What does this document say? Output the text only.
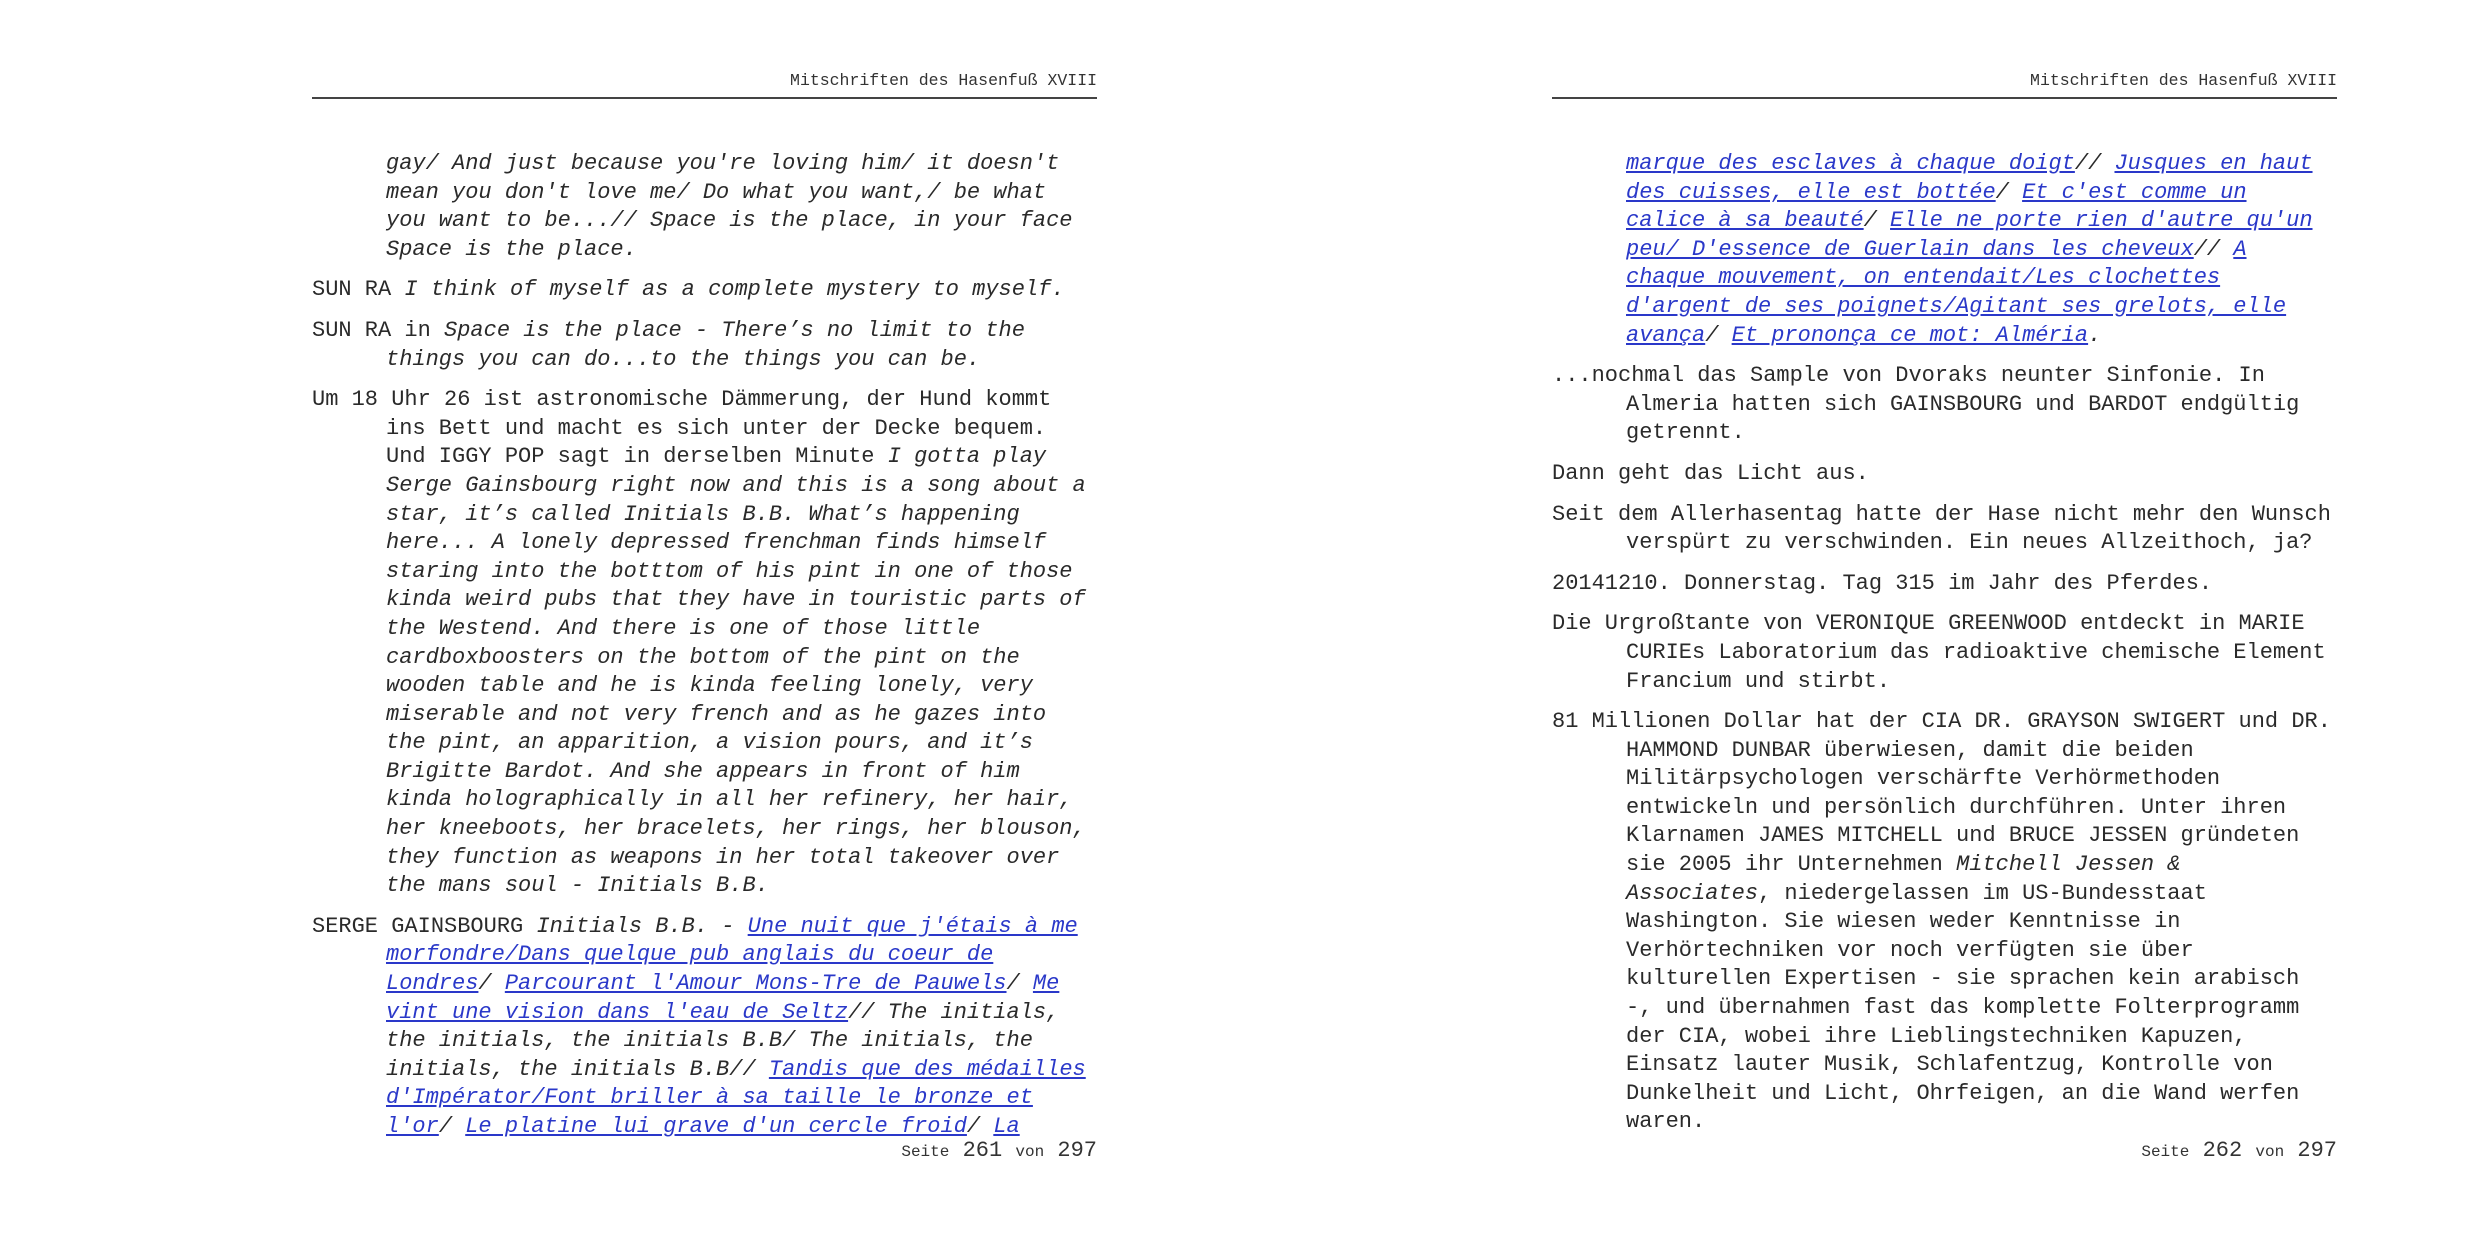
Mitschriften des Hasenfuß XVIII

gay/ And just because you're loving him/ it doesn't mean you don't love me/ Do what you want,/ be what you want to be...// Space is the place, in your face Space is the place.

SUN RA I think of myself as a complete mystery to myself.

SUN RA in Space is the place - There’s no limit to the things you can do...to the things you can be.

Um 18 Uhr 26 ist astronomische Dämmerung, der Hund kommt ins Bett und macht es sich unter der Decke bequem. Und IGGY POP sagt in derselben Minute I gotta play Serge Gainsbourg right now and this is a song about a star, it’s called Initials B.B. What’s happening here... A lonely depressed frenchman finds himself staring into the botttom of his pint in one of those kinda weird pubs that they have in touristic parts of the Westend. And there is one of those little cardboxboosters on the bottom of the pint on the wooden table and he is kinda feeling lonely, very miserable and not very french and as he gazes into the pint, an apparition, a vision pours, and it’s Brigitte Bardot. And she appears in front of him kinda holographically in all her refinery, her hair, her kneeboots, her bracelets, her rings, her blouson, they function as weapons in her total takeover over the mans soul - Initials B.B.

SERGE GAINSBOURG Initials B.B. - Une nuit que j'étais à me morfondre/Dans quelque pub anglais du coeur de Londres/ Parcourant l'Amour Mons-Tre de Pauwels/ Me vint une vision dans l'eau de Seltz// The initials, the initials, the initials B.B/ The initials, the initials, the initials B.B// Tandis que des médailles d'Impérator/Font briller à sa taille le bronze et l'or/ Le platine lui grave d'un cercle froid/ La

Seite 261 von 297
Mitschriften des Hasenfuß XVIII

marque des esclaves à chaque doigt// Jusques en haut des cuisses, elle est bottée/ Et c'est comme un calice à sa beauté/ Elle ne porte rien d'autre qu'un peu/ D'essence de Guerlain dans les cheveux// A chaque mouvement, on entendait/Les clochettes d'argent de ses poignets/Agitant ses grelots, elle avança/ Et prononça ce mot: Alméria.

...nochmal das Sample von Dvoraks neunter Sinfonie. In Almeria hatten sich GAINSBOURG und BARDOT endgültig getrennt.

Dann geht das Licht aus.

Seit dem Allerhasentag hatte der Hase nicht mehr den Wunsch verspürt zu verschwinden. Ein neues Allzeithoch, ja?

20141210. Donnerstag. Tag 315 im Jahr des Pferdes.

Die Urgroßtante von VERONIQUE GREENWOOD entdeckt in MARIE CURIEs Laboratorium das radioaktive chemische Element Francium und stirbt.

81 Millionen Dollar hat der CIA DR. GRAYSON SWIGERT und DR. HAMMOND DUNBAR überwiesen, damit die beiden Militärpsychologen verschärfte Verhörmethoden entwickeln und persönlich durchführen. Unter ihren Klarnamen JAMES MITCHELL und BRUCE JESSEN gründeten sie 2005 ihr Unternehmen Mitchell Jessen & Associates, niedergelassen im US-Bundesstaat Washington. Sie wiesen weder Kenntnisse in Verhörtechniken vor noch verfügten sie über kulturellen Expertisen - sie sprachen kein arabisch -, und übernahmen fast das komplette Folterprogramm der CIA, wobei ihre Lieblingstechniken Kapuzen, Einsatz lauter Musik, Schlafentzug, Kontrolle von Dunkelheit und Licht, Ohrfeigen, an die Wand werfen waren.

Seite 262 von 297
